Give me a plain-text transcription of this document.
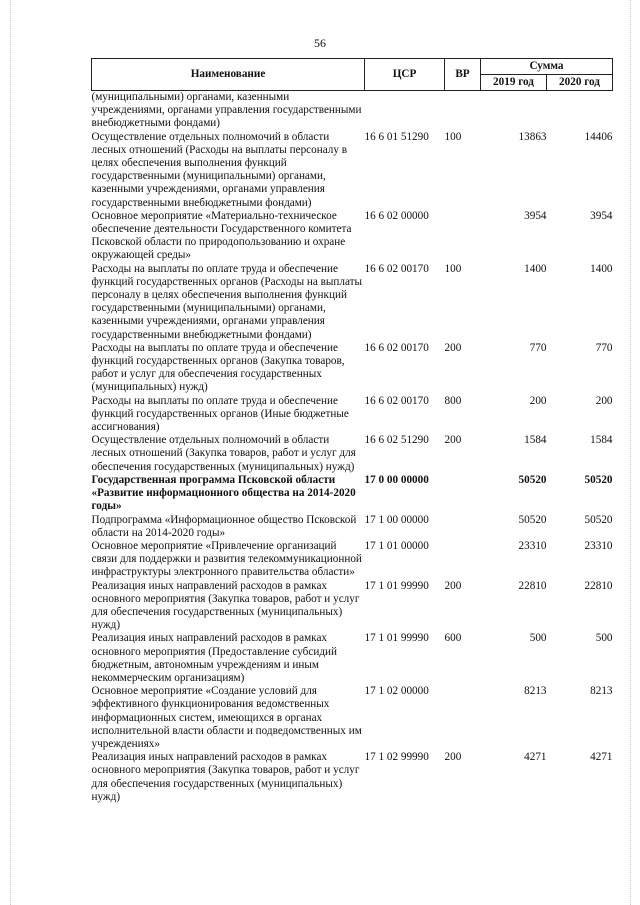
56
Наименование	ЦСР	ВР	Сумма	
			2019 год	2020 год
(муниципальными) органами, казенными учреждениями, органами управления государственными внебюджетными фондами)				
Осуществление отдельных полномочий в области лесных отношений (Расходы на выплаты персоналу в целях обеспечения выполнения функций государственными (муниципальными) органами, казенными учреждениями, органами управления государственными внебюджетными фондами)	16 6 01 51290	100	13863	14406
Основное мероприятие «Материально-техническое обеспечение деятельности Государственного комитета Псковской области по природопользованию и охране окружающей среды»	16 6 02 00000		3954	3954
Расходы на выплаты по оплате труда и обеспечение функций государственных органов (Расходы на выплаты персоналу в целях обеспечения выполнения функций государственными (муниципальными) органами, казенными учреждениями, органами управления государственными внебюджетными фондами)	16 6 02 00170	100	1400	1400
Расходы на выплаты по оплате труда и обеспечение функций государственных органов (Закупка товаров, работ и услуг для обеспечения государственных (муниципальных) нужд)	16 6 02 00170	200	770	770
Расходы на выплаты по оплате труда и обеспечение функций государственных органов (Иные бюджетные ассигнования)	16 6 02 00170	800	200	200
Осуществление отдельных полномочий в области лесных отношений (Закупка товаров, работ и услуг для обеспечения государственных (муниципальных) нужд)	16 6 02 51290	200	1584	1584
Государственная программа Псковской области «Развитие информационного общества на 2014-2020 годы»	17 0 00 00000		50520	50520
Подпрограмма «Информационное общество Псковской области на 2014-2020 годы»	17 1 00 00000		50520	50520
Основное мероприятие «Привлечение организаций связи для поддержки и развития телекоммуникационной инфраструктуры электронного правительства области»	17 1 01 00000		23310	23310
Реализация иных направлений расходов в рамках основного мероприятия (Закупка товаров, работ и услуг для обеспечения государственных (муниципальных) нужд)	17 1 01 99990	200	22810	22810
Реализация иных направлений расходов в рамках основного мероприятия (Предоставление субсидий бюджетным, автономным учреждениям и иным некоммерческим организациям)	17 1 01 99990	600	500	500
Основное мероприятие «Создание условий для эффективного функционирования ведомственных информационных систем, имеющихся в органах исполнительной власти области и подведомственных им учреждениях»	17 1 02 00000		8213	8213
Реализация иных направлений расходов в рамках основного мероприятия (Закупка товаров, работ и услуг для обеспечения государственных (муниципальных) нужд)	17 1 02 99990	200	4271	4271
